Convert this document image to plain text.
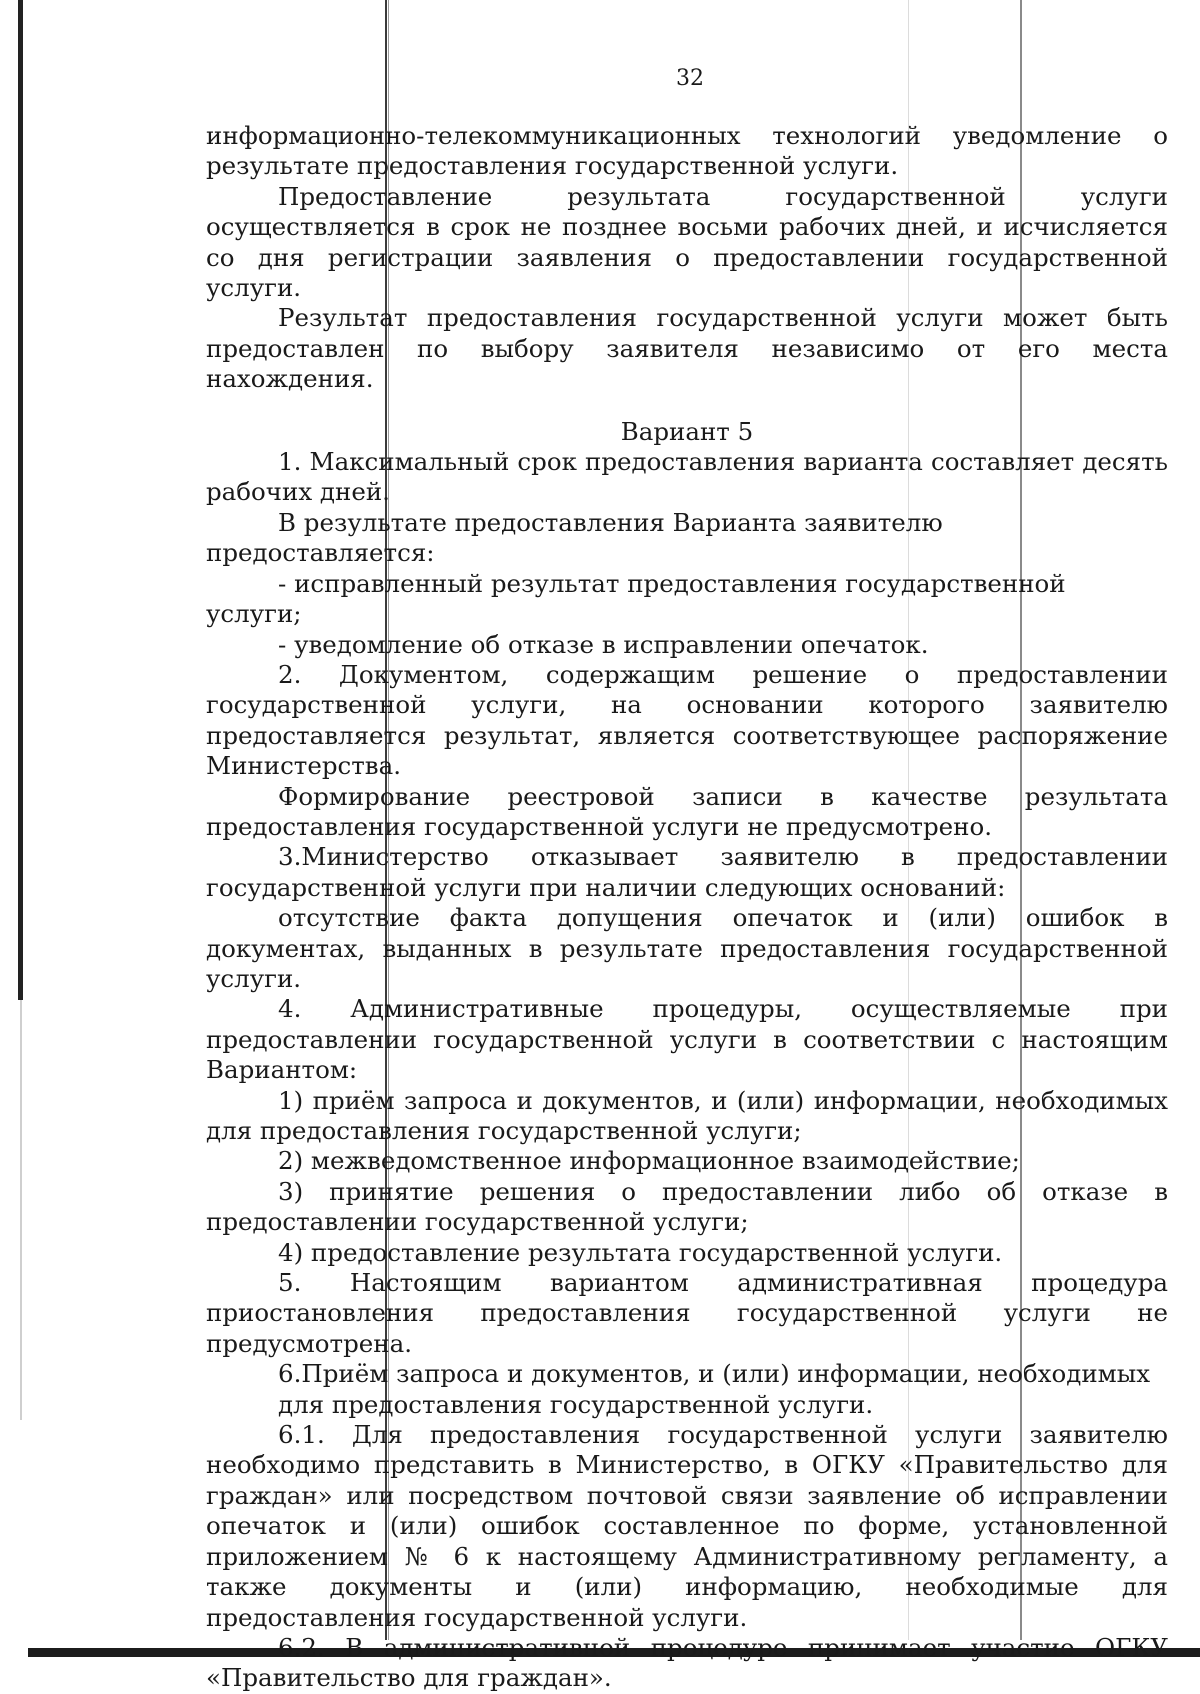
32

информационно-телекоммуникационных технологий уведомление о результате предоставления государственной услуги.

Предоставление результата государственной услуги осуществляется в срок не позднее восьми рабочих дней, и исчисляется со дня регистрации заявления о предоставлении государственной услуги.

Результат предоставления государственной услуги может быть предоставлен по выбору заявителя независимо от его места нахождения.

Вариант 5

1. Максимальный срок предоставления варианта составляет десять рабочих дней.

В результате предоставления Варианта заявителю предоставляется:

- исправленный результат предоставления государственной услуги;

- уведомление об отказе в исправлении опечаток.

2. Документом, содержащим решение о предоставлении государственной услуги, на основании которого заявителю предоставляется результат, является соответствующее распоряжение Министерства.

Формирование реестровой записи в качестве результата предоставления государственной услуги не предусмотрено.

3.Министерство отказывает заявителю в предоставлении государственной услуги при наличии следующих оснований:

отсутствие факта допущения опечаток и (или) ошибок в документах, выданных в результате предоставления государственной услуги.

4. Административные процедуры, осуществляемые при предоставлении государственной услуги в соответствии с настоящим Вариантом:

1) приём запроса и документов, и (или) информации, необходимых для предоставления государственной услуги;

2) межведомственное информационное взаимодействие;

3) принятие решения о предоставлении либо об отказе в предоставлении государственной услуги;

4) предоставление результата государственной услуги.

5. Настоящим вариантом административная процедура приостановления предоставления государственной услуги не предусмотрена.

6.Приём запроса и документов, и (или) информации, необходимых для предоставления государственной услуги.

6.1. Для предоставления государственной услуги заявителю необходимо представить в Министерство, в ОГКУ «Правительство для граждан» или посредством почтовой связи заявление об исправлении опечаток и (или) ошибок составленное по форме, установленной приложением № 6 к настоящему Административному регламенту, а также документы и (или) информацию, необходимые для предоставления государственной услуги.

6.2. В административной процедуре принимает участие ОГКУ «Правительство для граждан».
